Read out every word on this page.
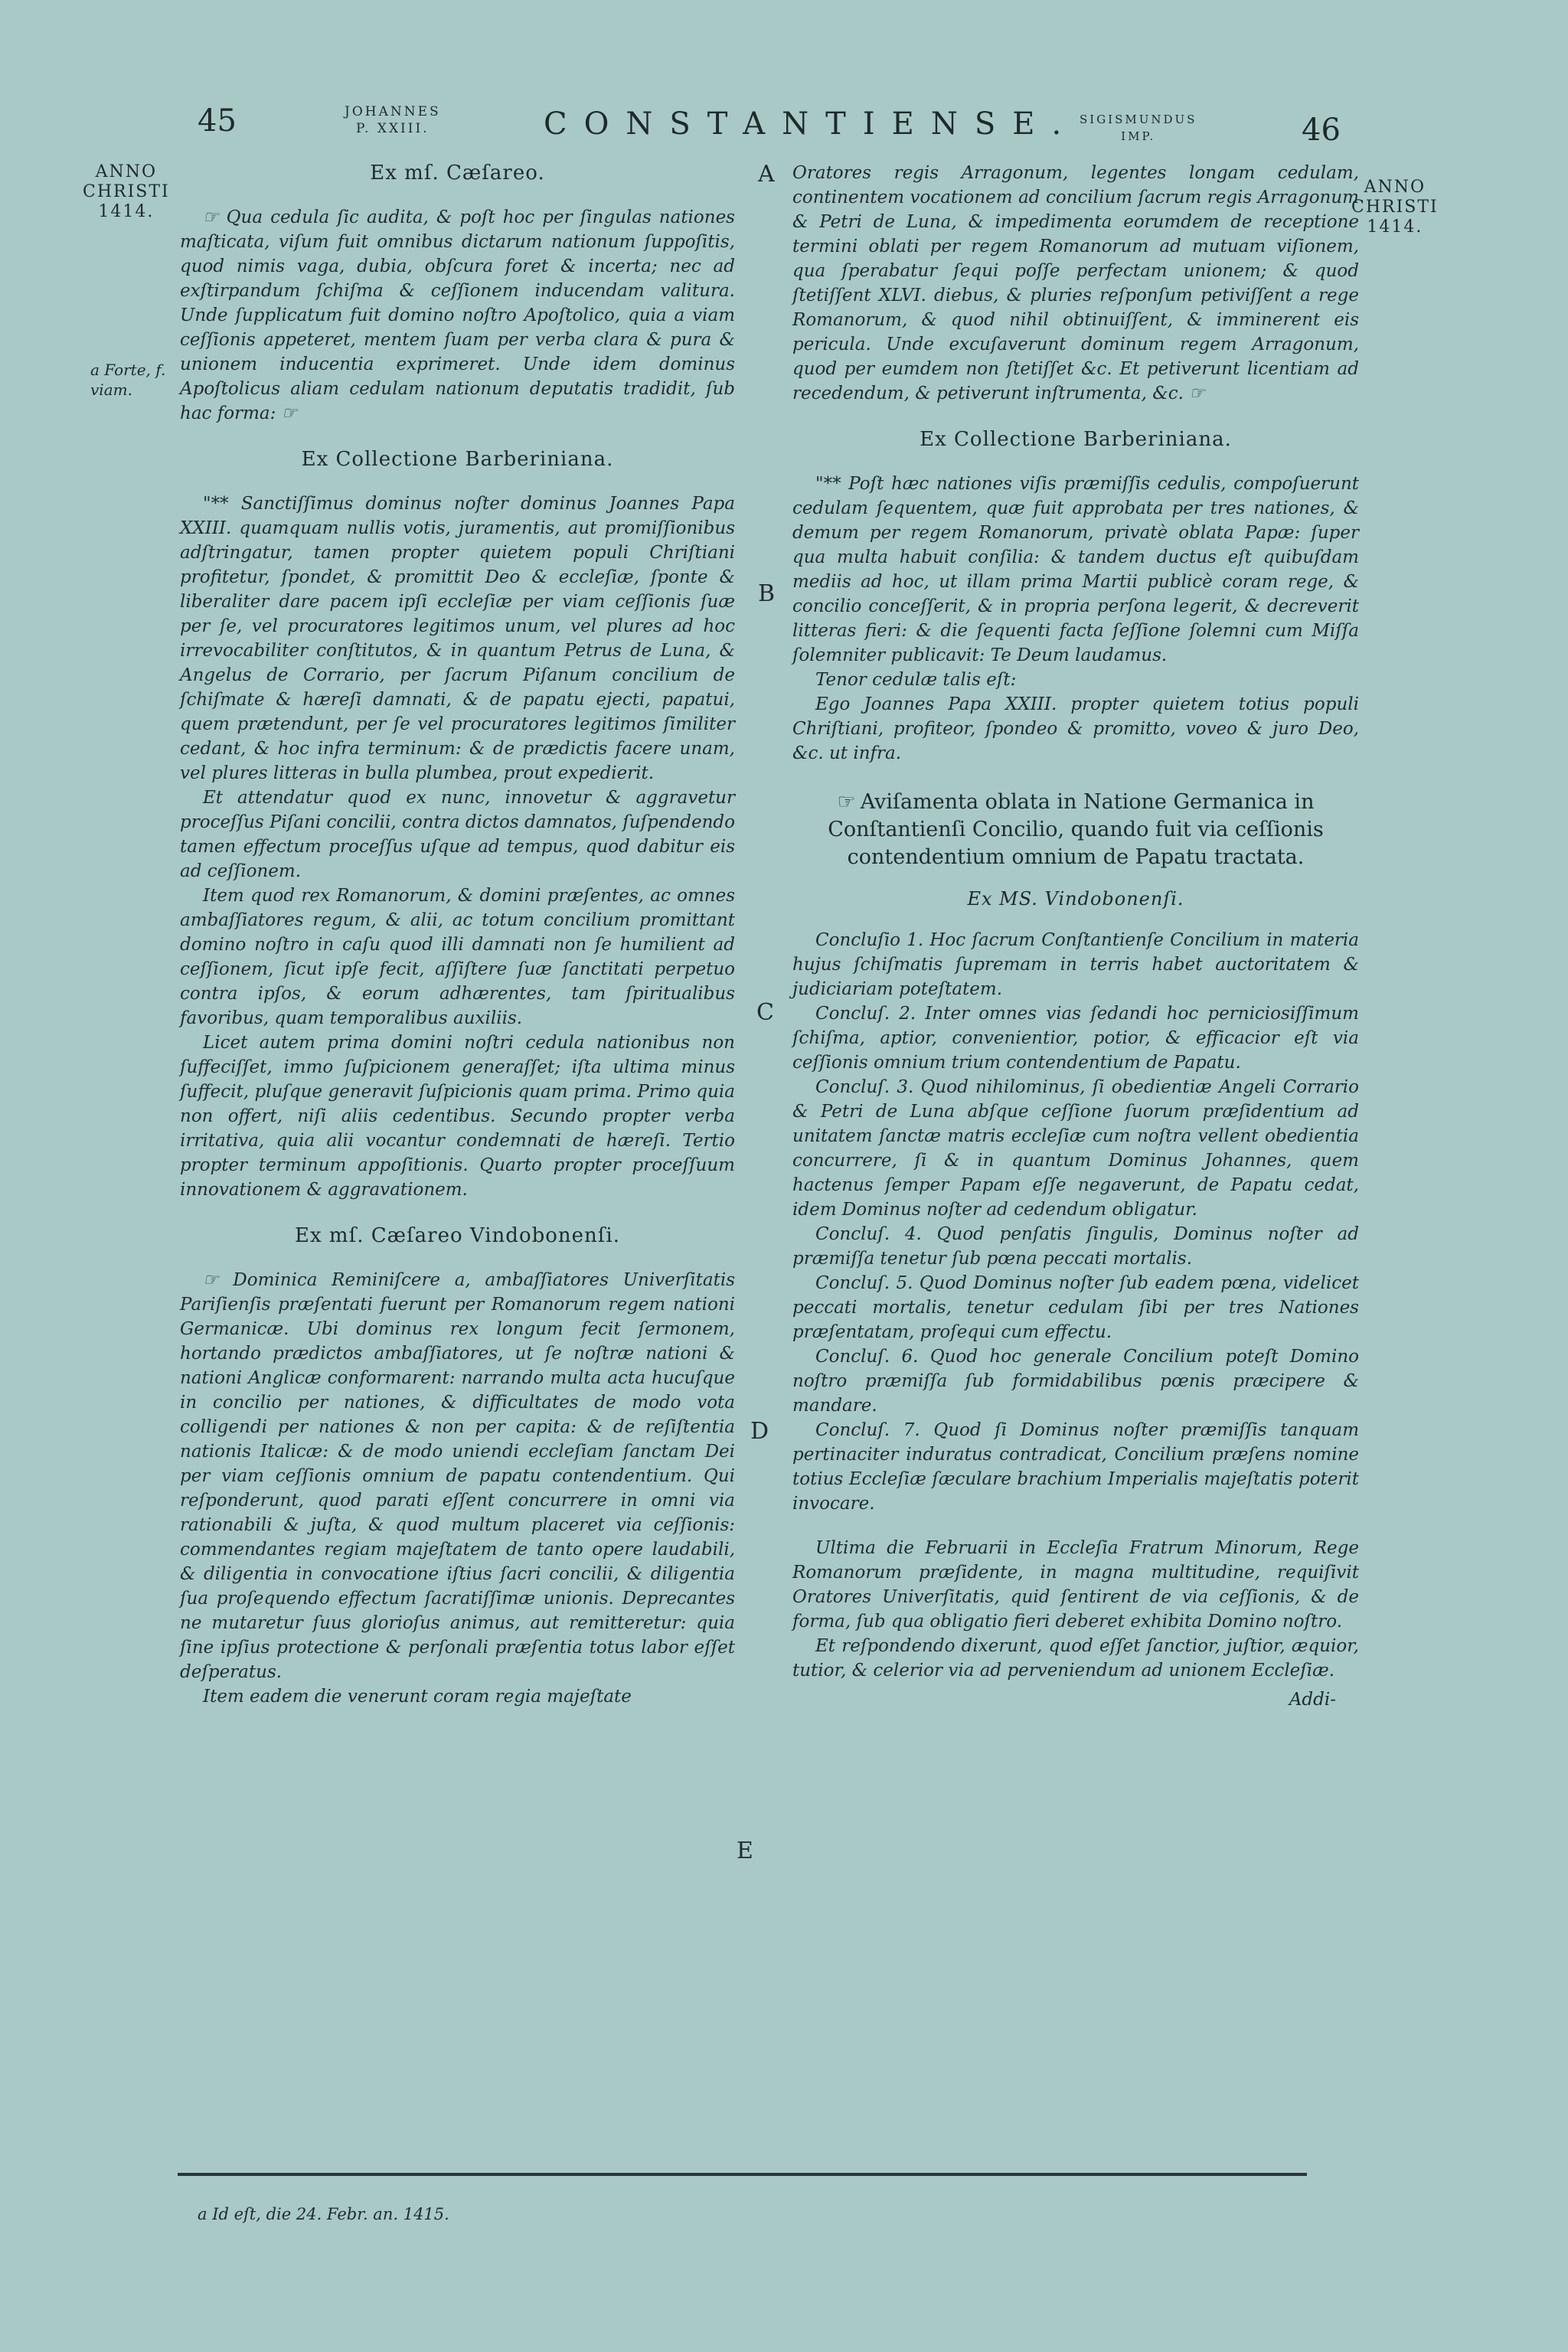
45	JOHANNES
P. XXIII.	CONSTANTIENSE. SIGISMUNDUS
IMP.	46
ANNO
CHRISTI
1414.
ANNO
CHRISTI
1414.
a Forte, f.
viam.
A
B
C
D
E
Ex mſ. Cæſareo.

☞ Qua cedula ſic audita, & poſt hoc per ſingulas nationes maſticata, viſum fuit omnibus dictarum nationum ſuppoſitis, quod nimis vaga, dubia, obſcura foret & incerta; nec ad exſtirpandum ſchiſma & ceſſionem inducendam valitura. Unde ſupplicatum fuit domino noſtro Apoſtolico, quia a viam ceſſionis appeteret, mentem ſuam per verba clara & pura & unionem inducentia exprimeret. Unde idem dominus Apoſtolicus aliam cedulam nationum deputatis tradidit, ſub hac forma: ☞

Ex Collectione Barberiniana.

"** Sanctiſſimus dominus noſter dominus Joannes Papa XXIII. quamquam nullis votis, juramentis, aut promiſſionibus adſtringatur, tamen propter quietem populi Chriſtiani profitetur, ſpondet, & promittit Deo & eccleſiæ, ſponte & liberaliter dare pacem ipſi eccleſiæ per viam ceſſionis ſuæ per ſe, vel procuratores legitimos unum, vel plures ad hoc irrevocabiliter conſtitutos, & in quantum Petrus de Luna, & Angelus de Corrario, per ſacrum Piſanum concilium de ſchiſmate & hæreſi damnati, & de papatu ejecti, papatui, quem prætendunt, per ſe vel procuratores legitimos ſimiliter cedant, & hoc infra terminum: & de prædictis facere unam, vel plures litteras in bulla plumbea, prout expedierit.

Et attendatur quod ex nunc, innovetur & aggravetur proceſſus Piſani concilii, contra dictos damnatos, ſuſpendendo tamen effectum proceſſus uſque ad tempus, quod dabitur eis ad ceſſionem.

Item quod rex Romanorum, & domini præſentes, ac omnes ambaſſiatores regum, & alii, ac totum concilium promittant domino noſtro in caſu quod illi damnati non ſe humilient ad ceſſionem, ſicut ipſe fecit, aſſiſtere ſuæ ſanctitati perpetuo contra ipſos, & eorum adhærentes, tam ſpiritualibus favoribus, quam temporalibus auxiliis.

Licet autem prima domini noſtri cedula nationibus non ſuffeciſſet, immo ſuſpicionem generaſſet; iſta ultima minus ſuffecit, pluſque generavit ſuſpicionis quam prima. Primo quia non offert, niſi aliis cedentibus. Secundo propter verba irritativa, quia alii vocantur condemnati de hæreſi. Tertio propter terminum appoſitionis. Quarto propter proceſſuum innovationem & aggravationem.

Ex mſ. Cæſareo Vindobonenſi.

☞ Dominica Reminiſcere a, ambaſſiatores Univerſitatis Pariſienſis præſentati fuerunt per Romanorum regem nationi Germanicæ. Ubi dominus rex longum fecit ſermonem, hortando prædictos ambaſſiatores, ut ſe noſtræ nationi & nationi Anglicæ conformarent: narrando multa acta hucuſque in concilio per nationes, & difficultates de modo vota colligendi per nationes & non per capita: & de reſiſtentia nationis Italicæ: & de modo uniendi eccleſiam ſanctam Dei per viam ceſſionis omnium de papatu contendentium. Qui reſponderunt, quod parati eſſent concurrere in omni via rationabili & juſta, & quod multum placeret via ceſſionis: commendantes regiam majeſtatem de tanto opere laudabili, & diligentia in convocatione iſtius ſacri concilii, & diligentia ſua proſequendo effectum ſacratiſſimæ unionis. Deprecantes ne mutaretur ſuus glorioſus animus, aut remitteretur: quia ſine ipſius protectione & perſonali præſentia totus labor eſſet deſperatus.

Item eadem die venerunt coram regia majeſtate

Oratores regis Arragonum, legentes longam cedulam, continentem vocationem ad concilium ſacrum regis Arragonum & Petri de Luna, & impedimenta eorumdem de receptione termini oblati per regem Romanorum ad mutuam viſionem, qua ſperabatur ſequi poſſe perfectam unionem; & quod ſtetiſſent XLVI. diebus, & pluries reſponſum petiviſſent a rege Romanorum, & quod nihil obtinuiſſent, & imminerent eis pericula. Unde excuſaverunt dominum regem Arragonum, quod per eumdem non ſtetiſſet &c. Et petiverunt licentiam ad recedendum, & petiverunt inſtrumenta, &c. ☞

Ex Collectione Barberiniana.

"** Poſt hæc nationes viſis præmiſſis cedulis, compoſuerunt cedulam ſequentem, quæ fuit approbata per tres nationes, & demum per regem Romanorum, privatè oblata Papæ: ſuper qua multa habuit conſilia: & tandem ductus eſt quibuſdam mediis ad hoc, ut illam prima Martii publicè coram rege, & concilio conceſſerit, & in propria perſona legerit, & decreverit litteras fieri: & die ſequenti facta ſeſſione ſolemni cum Miſſa ſolemniter publicavit: Te Deum laudamus.

Tenor cedulæ talis eſt:

Ego Joannes Papa XXIII. propter quietem totius populi Chriſtiani, profiteor, ſpondeo & promitto, voveo & juro Deo, &c. ut infra.

☞ Aviſamenta oblata in Natione Germanica in Conſtantienſi Concilio, quando fuit via ceſſionis contendentium omnium de Papatu tractata.
Ex MS. Vindobonenſi.

Concluſio 1. Hoc ſacrum Conſtantienſe Concilium in materia hujus ſchiſmatis ſupremam in terris habet auctoritatem & judiciariam poteſtatem.

Concluſ. 2. Inter omnes vias ſedandi hoc perniciosiſſimum ſchiſma, aptior, convenientior, potior, & efficacior eſt via ceſſionis omnium trium contendentium de Papatu.

Concluſ. 3. Quod nihilominus, ſi obedientiæ Angeli Corrario & Petri de Luna abſque ceſſione ſuorum præſidentium ad unitatem ſanctæ matris eccleſiæ cum noſtra vellent obedientia concurrere, ſi & in quantum Dominus Johannes, quem hactenus ſemper Papam eſſe negaverunt, de Papatu cedat, idem Dominus noſter ad cedendum obligatur.

Concluſ. 4. Quod penſatis ſingulis, Dominus noſter ad præmiſſa tenetur ſub pœna peccati mortalis.

Concluſ. 5. Quod Dominus noſter ſub eadem pœna, videlicet peccati mortalis, tenetur cedulam ſibi per tres Nationes præſentatam, proſequi cum effectu.

Concluſ. 6. Quod hoc generale Concilium poteſt Domino noſtro præmiſſa ſub formidabilibus pœnis præcipere & mandare.

Concluſ. 7. Quod ſi Dominus noſter præmiſſis tanquam pertinaciter induratus contradicat, Concilium præſens nomine totius Eccleſiæ ſæculare brachium Imperialis majeſtatis poterit invocare.

Ultima die Februarii in Eccleſia Fratrum Minorum, Rege Romanorum præſidente, in magna multitudine, requiſivit Oratores Univerſitatis, quid ſentirent de via ceſſionis, & de forma, ſub qua obligatio fieri deberet exhibita Domino noſtro.

Et reſpondendo dixerunt, quod eſſet ſanctior, juſtior, æquior, tutior, & celerior via ad perveniendum ad unionem Eccleſiæ.

Addi-
a Id eſt, die 24. Febr. an. 1415.
